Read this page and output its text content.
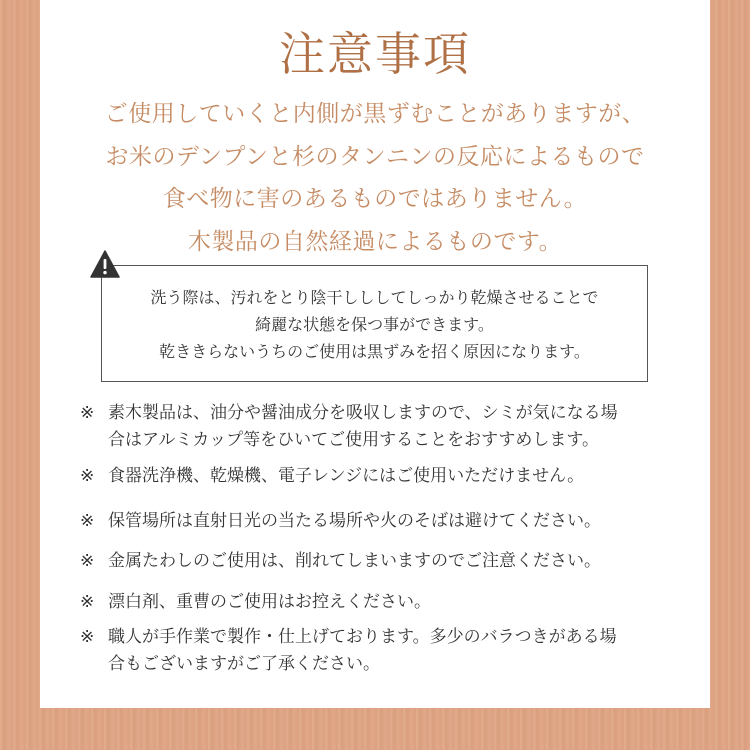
注意事項
ご使用していくと内側が黒ずむことがありますが、
お米のデンプンと杉のタンニンの反応によるもので
食べ物に害のあるものではありません。
木製品の自然経過によるものです。
洗う際は、汚れをとり陰干しししてしっかり乾燥させることで
綺麗な状態を保つ事ができます。
乾ききらないうちのご使用は黒ずみを招く原因になります。
※ 素木製品は、油分や醤油成分を吸収しますので、シミが気になる場
合はアルミカップ等をひいてご使用することをおすすめします。
※ 食器洗浄機、乾燥機、電子レンジにはご使用いただけません。
※ 保管場所は直射日光の当たる場所や火のそばは避けてください。
※ 金属たわしのご使用は、削れてしまいますのでご注意ください。
※ 漂白剤、重曹のご使用はお控えください。
※ 職人が手作業で製作・仕上げております。多少のバラつきがある場
合もございますがご了承ください。
